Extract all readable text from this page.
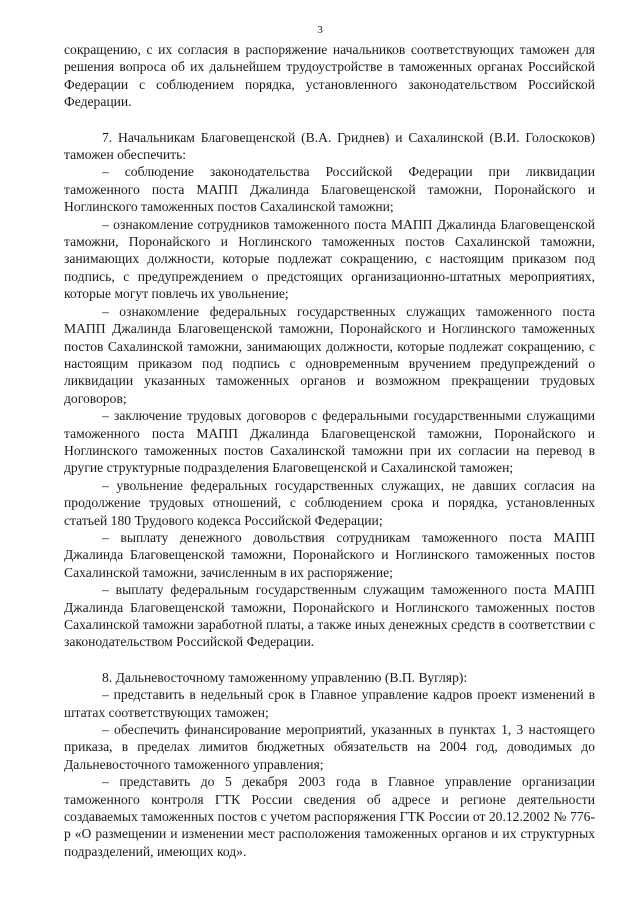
3

сокращению, с их согласия в распоряжение начальников соответствующих таможен для решения вопроса об их дальнейшем трудоустройстве в таможенных органах Российской Федерации с соблюдением порядка, установленного законодательством Российской Федерации.

7. Начальникам Благовещенской (В.А. Гриднев) и Сахалинской (В.И. Голоскоков) таможен обеспечить:

– соблюдение законодательства Российской Федерации при ликвидации таможенного поста МАПП Джалинда Благовещенской таможни, Поронайского и Ноглинского таможенных постов Сахалинской таможни;

– ознакомление сотрудников таможенного поста МАПП Джалинда Благовещенской таможни, Поронайского и Ноглинского таможенных постов Сахалинской таможни, занимающих должности, которые подлежат сокращению, с настоящим приказом под подпись, с предупреждением о предстоящих организационно-штатных мероприятиях, которые могут повлечь их увольнение;

– ознакомление федеральных государственных служащих таможенного поста МАПП Джалинда Благовещенской таможни, Поронайского и Ноглинского таможенных постов Сахалинской таможни, занимающих должности, которые подлежат сокращению, с настоящим приказом под подпись с одновременным вручением предупреждений о ликвидации указанных таможенных органов и возможном прекращении трудовых договоров;

– заключение трудовых договоров с федеральными государственными служащими таможенного поста МАПП Джалинда Благовещенской таможни, Поронайского и Ноглинского таможенных постов Сахалинской таможни при их согласии на перевод в другие структурные подразделения Благовещенской и Сахалинской таможен;

– увольнение федеральных государственных служащих, не давших согласия на продолжение трудовых отношений, с соблюдением срока и порядка, установленных статьей 180 Трудового кодекса Российской Федерации;

– выплату денежного довольствия сотрудникам таможенного поста МАПП Джалинда Благовещенской таможни, Поронайского и Ноглинского таможенных постов Сахалинской таможни, зачисленным в их распоряжение;

– выплату федеральным государственным служащим таможенного поста МАПП Джалинда Благовещенской таможни, Поронайского и Ноглинского таможенных постов Сахалинской таможни заработной платы, а также иных денежных средств в соответствии с законодательством Российской Федерации.

8. Дальневосточному таможенному управлению (В.П. Вугляр):

– представить в недельный срок в Главное управление кадров проект изменений в штатах соответствующих таможен;

– обеспечить финансирование мероприятий, указанных в пунктах 1, 3 настоящего приказа, в пределах лимитов бюджетных обязательств на 2004 год, доводимых до Дальневосточного таможенного управления;

– представить до 5 декабря 2003 года в Главное управление организации таможенного контроля ГТК России сведения об адресе и регионе деятельности создаваемых таможенных постов с учетом распоряжения ГТК России от 20.12.2002 № 776-р «О размещении и изменении мест расположения таможенных органов и их структурных подразделений, имеющих код».
